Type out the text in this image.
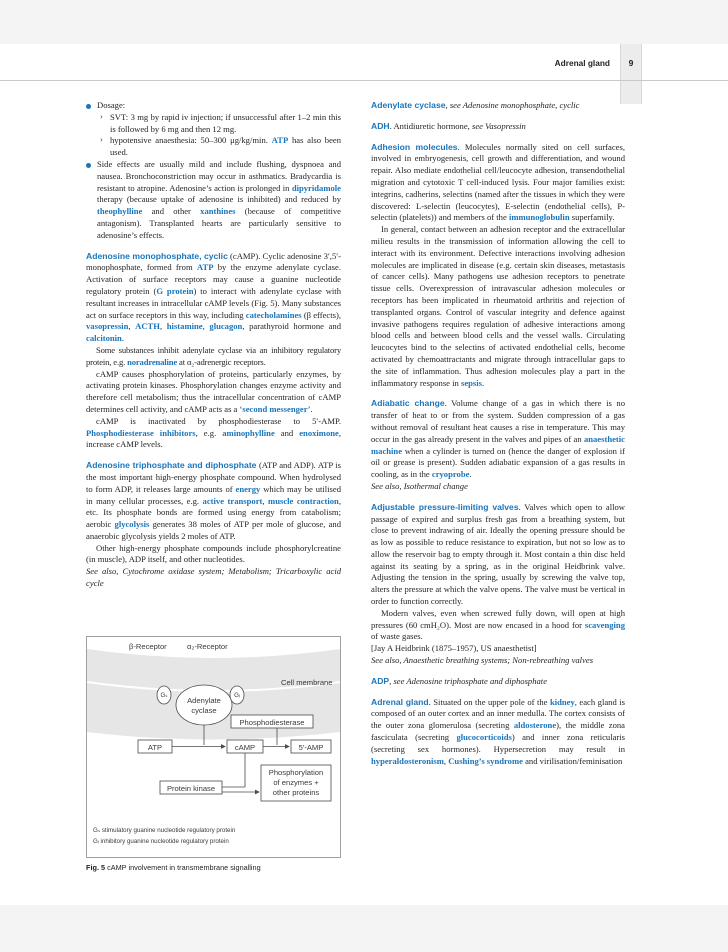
Adrenal gland	9
Dosage:
› SVT: 3 mg by rapid iv injection; if unsuccessful after 1–2 min this is followed by 6 mg and then 12 mg.
› hypotensive anaesthesia: 50–300 μg/kg/min. ATP has also been used.
Side effects are usually mild and include flushing, dyspnoea and nausea. Bronchoconstriction may occur in asthmatics. Bradycardia is resistant to atropine. Adenosine’s action is prolonged in dipyridamole therapy (because uptake of adenosine is inhibited) and reduced by theophylline and other xanthines (because of competitive antagonism). Transplanted hearts are particularly sensitive to adenosine’s effects.

Adenosine monophosphate, cyclic (cAMP). Cyclic adenosine 3′,5′-monophosphate, formed from ATP by the enzyme adenylate cyclase. Activation of surface receptors may cause a guanine nucleotide regulatory protein (G protein) to interact with adenylate cyclase with resultant increases in intracellular cAMP levels (Fig. 5). Many substances act on surface receptors in this way, including catecholamines (β effects), vasopressin, ACTH, histamine, glucagon, parathyroid hormone and calcitonin.

Some substances inhibit adenylate cyclase via an inhibitory regulatory protein, e.g. noradrenaline at α₂-adrenergic receptors.

cAMP causes phosphorylation of proteins, particularly enzymes, by activating protein kinases. Phosphorylation changes enzyme activity and therefore cell metabolism; thus the intracellular concentration of cAMP determines cell activity, and cAMP acts as a ‘second messenger’.

cAMP is inactivated by phosphodiesterase to 5′-AMP. Phosphodiesterase inhibitors, e.g. aminophylline and enoximone, increase cAMP levels.

Adenosine triphosphate and diphosphate (ATP and ADP). ATP is the most important high-energy phosphate compound. When hydrolysed to form ADP, it releases large amounts of energy which may be utilised in many cellular processes, e.g. active transport, muscle contraction, etc. Its phosphate bonds are formed using energy from catabolism; aerobic glycolysis generates 38 moles of ATP per mole of glucose, and anaerobic glycolysis yields 2 moles of ATP.

Other high-energy phosphate compounds include phosphorylcreatine (in muscle), ADP itself, and other nucleotides.

See also, Cytochrome oxidase system; Metabolism; Tricarboxylic acid cycle

β-Receptor	α₂-Receptor
Cell membrane
Adenylate
cyclase
Gₛ	Gᵢ
Phosphodiesterase
ATP	cAMP	5′-AMP
Protein kinase
Phosphorylation
of enzymes +
other proteins
Gₛ stimulatory guanine nucleotide regulatory protein
Gᵢ inhibitory guanine nucleotide regulatory protein
Fig. 5 cAMP involvement in transmembrane signalling

Adenylate cyclase, see Adenosine monophosphate, cyclic

ADH. Antidiuretic hormone, see Vasopressin

Adhesion molecules. Molecules normally sited on cell surfaces, involved in embryogenesis, cell growth and differentiation, and wound repair. Also mediate endothelial cell/leucocyte adhesion, transendothelial migration and cytotoxic T cell-induced lysis. Four major families exist: integrins, cadherins, selectins (named after the tissues in which they were discovered: L-selectin (leucocytes), E-selectin (endothelial cells), P-selectin (platelets)) and members of the immunoglobulin superfamily.

In general, contact between an adhesion receptor and the extracellular milieu results in the transmission of information allowing the cell to interact with its environment. Defective interactions involving adhesion molecules are implicated in disease (e.g. certain skin diseases, metastasis of cancer cells). Many pathogens use adhesion receptors to penetrate tissue cells. Overexpression of intravascular adhesion molecules or receptors has been implicated in rheumatoid arthritis and rejection of transplanted organs. Control of vascular integrity and defence against invasive pathogens requires regulation of adhesive interactions among blood cells and between blood cells and the vessel walls. Circulating leucocytes bind to the selectins of activated endothelial cells, become activated by chemoattractants and migrate through intracellular gaps to the site of inflammation. Thus adhesion molecules play a part in the inflammatory response in sepsis.

Adiabatic change. Volume change of a gas in which there is no transfer of heat to or from the system. Sudden compression of a gas without removal of resultant heat causes a rise in temperature. This may occur in the gas already present in the valves and pipes of an anaesthetic machine when a cylinder is turned on (hence the danger of explosion if oil or grease is present). Sudden adiabatic expansion of a gas results in cooling, as in the cryoprobe.

See also, Isothermal change

Adjustable pressure-limiting valves. Valves which open to allow passage of expired and surplus fresh gas from a breathing system, but close to prevent indrawing of air. Ideally the opening pressure should be as low as possible to reduce resistance to expiration, but not so low as to allow the reservoir bag to empty through it. Most contain a thin disc held against its seating by a spring, as in the original Heidbrink valve. Adjusting the tension in the spring, usually by screwing the valve top, alters the pressure at which the valve opens. The valve must be vertical in order to function correctly.

Modern valves, even when screwed fully down, will open at high pressures (60 cmH₂O). Most are now encased in a hood for scavenging of waste gases.

[Jay A Heidbrink (1875–1957), US anaesthetist]

See also, Anaesthetic breathing systems; Non-rebreathing valves

ADP, see Adenosine triphosphate and diphosphate

Adrenal gland. Situated on the upper pole of the kidney, each gland is composed of an outer cortex and an inner medulla. The cortex consists of the outer zona glomerulosa (secreting aldosterone), the middle zona fasciculata (secreting glucocorticoids) and inner zona reticularis (secreting sex hormones). Hypersecretion may result in hyperaldosteronism, Cushing’s syndrome and virilisation/feminisation
